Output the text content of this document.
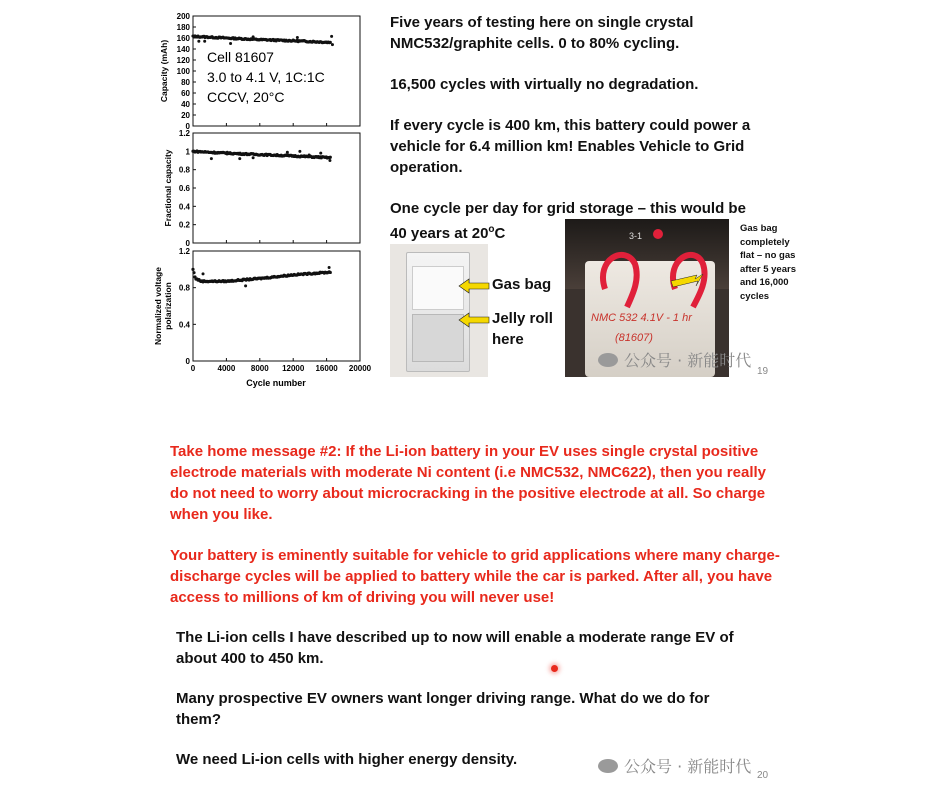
0
20
40
60
80
100
120
140
160
180
200
Capacity (mAh)	Cell 81607
3.0 to 4.1 V, 1C:1C
CCCV, 20°C
0
0.2
0.4
0.6
0.8
1
1.2
Fractional capacity
0
0.4
0.8
1.2
0	4000 8000 12000 16000 20000
Normalized voltage polarization
Cycle number

Five years of testing here on single crystal NMC532/graphite cells. 0 to 80% cycling.

16,500 cycles with virtually no degradation.

If every cycle is 400 km, this battery could power a vehicle for 6.4 million km! Enables Vehicle to Grid operation.

One cycle per day for grid storage – this would be 40 years at 20$^o$C

Gas bag
Jelly roll here
3-1
NMC 532 4.1V - 1 hr
(81607)
Gas bag completely flat – no gas after 5 years and 16,000 cycles
公众号 · 新能时代
19

Take home message #2: If the Li-ion battery in your EV uses single crystal positive electrode materials with moderate Ni content (i.e NMC532, NMC622), then you really do not need to worry about microcracking in the positive electrode at all. So charge when you like.

Your battery is eminently suitable for vehicle to grid applications where many charge-discharge cycles will be applied to battery while the car is parked. After all, you have access to millions of km of driving you will never use!

The Li-ion cells I have described up to now will enable a moderate range EV of about 400 to 450 km.

Many prospective EV owners want longer driving range. What do we do for them?

We need Li-ion cells with higher energy density.	公众号 · 新能时代 20
